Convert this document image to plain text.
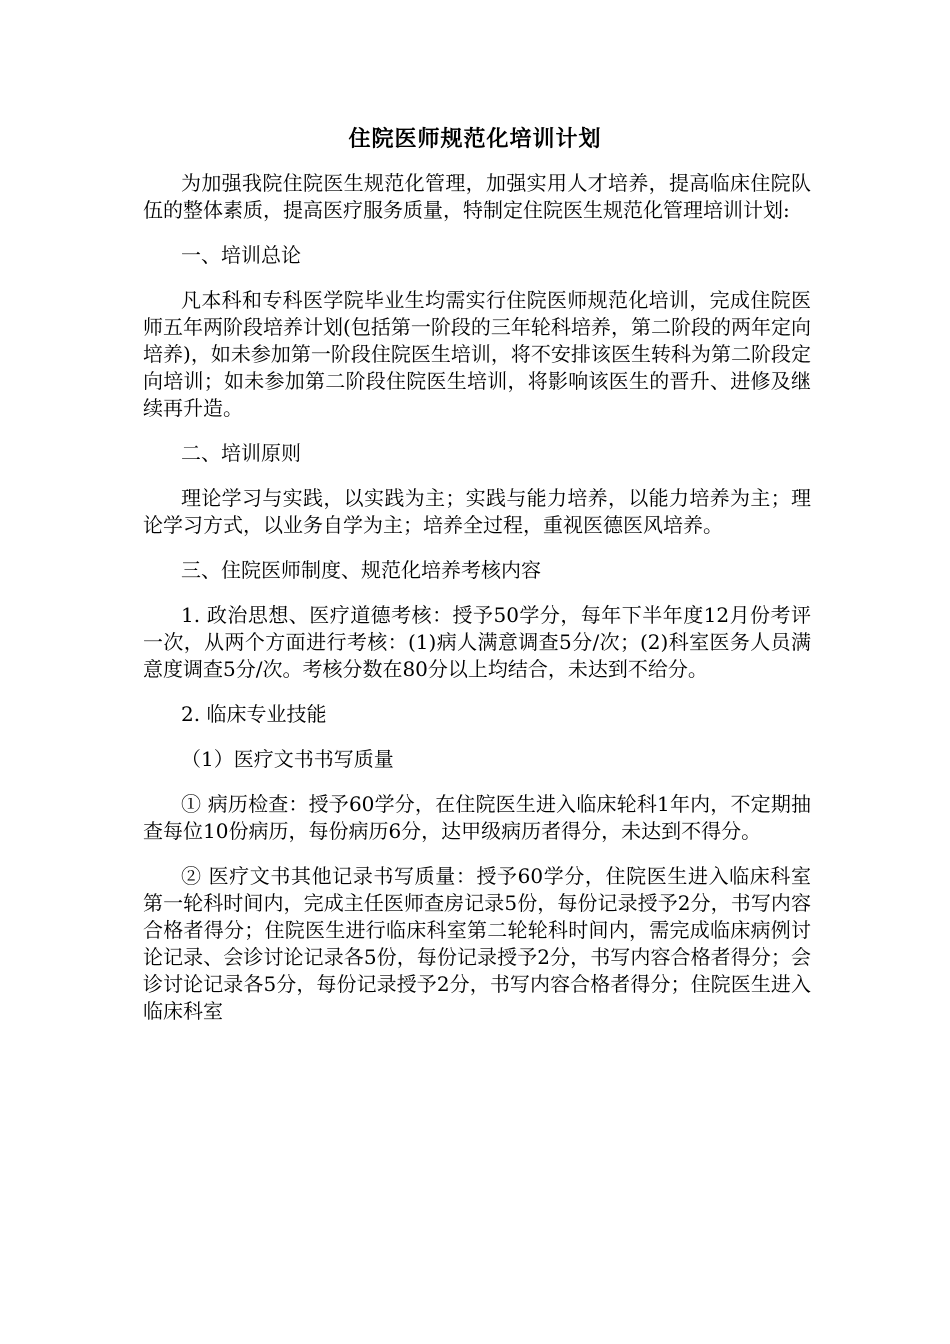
住院医师规范化培训计划

为加强我院住院医生规范化管理，加强实用人才培养，提高临床住院队伍的整体素质，提高医疗服务质量，特制定住院医生规范化管理培训计划:

一、培训总论

凡本科和专科医学院毕业生均需实行住院医师规范化培训，完成住院医师五年两阶段培养计划(包括第一阶段的三年轮科培养，第二阶段的两年定向培养)，如未参加第一阶段住院医生培训，将不安排该医生转科为第二阶段定向培训；如未参加第二阶段住院医生培训，将影响该医生的晋升、进修及继续再升造。

二、培训原则

理论学习与实践，以实践为主；实践与能力培养，以能力培养为主；理论学习方式，以业务自学为主；培养全过程，重视医德医风培养。

三、住院医师制度、规范化培养考核内容

1. 政治思想、医疗道德考核：授予50学分，每年下半年度12月份考评一次，从两个方面进行考核：(1)病人满意调查5分/次；(2)科室医务人员满意度调查5分/次。考核分数在80分以上均结合，未达到不给分。

2. 临床专业技能

（1）医疗文书书写质量

① 病历检查：授予60学分，在住院医生进入临床轮科1年内，不定期抽查每位10份病历，每份病历6分，达甲级病历者得分，未达到不得分。

② 医疗文书其他记录书写质量：授予60学分，住院医生进入临床科室第一轮科时间内，完成主任医师查房记录5份，每份记录授予2分，书写内容合格者得分；住院医生进行临床科室第二轮轮科时间内，需完成临床病例讨论记录、会诊讨论记录各5份，每份记录授予2分，书写内容合格者得分；会诊讨论记录各5分，每份记录授予2分，书写内容合格者得分；住院医生进入临床科室
